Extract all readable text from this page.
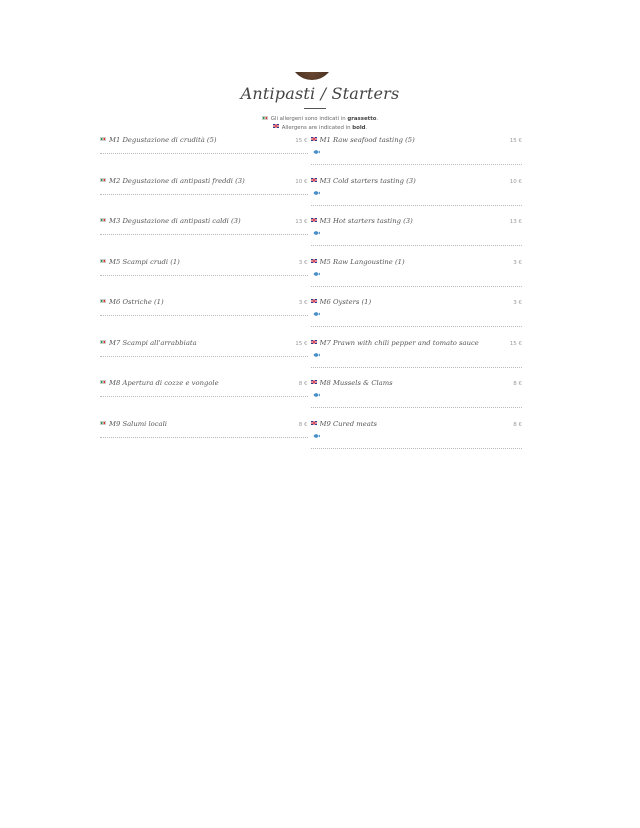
Antipasti / Starters
Gli allergeni sono indicati in grassetto.
Allergens are indicated in bold.
M1 Degustazione di crudità (5)	15 € M1 Raw seafood tasting (5)	15 €
M2 Degustazione di antipasti freddi (3)	10 € M3 Cold starters tasting (3)	10 €
M3 Degustazione di antipasti caldi (3)	13 € M3 Hot starters tasting (3)	13 €
M5 Scampi crudi (1)	3 € M5 Raw Langoustine (1)	3 €
M6 Ostriche (1)	3 € M6 Oysters (1)	3 €
M7 Scampi all'arrabbiata	15 € M7 Prawn with chili pepper and tomato sauce	15 €
M8 Apertura di cozze e vongole	8 € M8 Mussels & Clams	8 €
M9 Salumi locali	8 € M9 Cured meats	8 €
